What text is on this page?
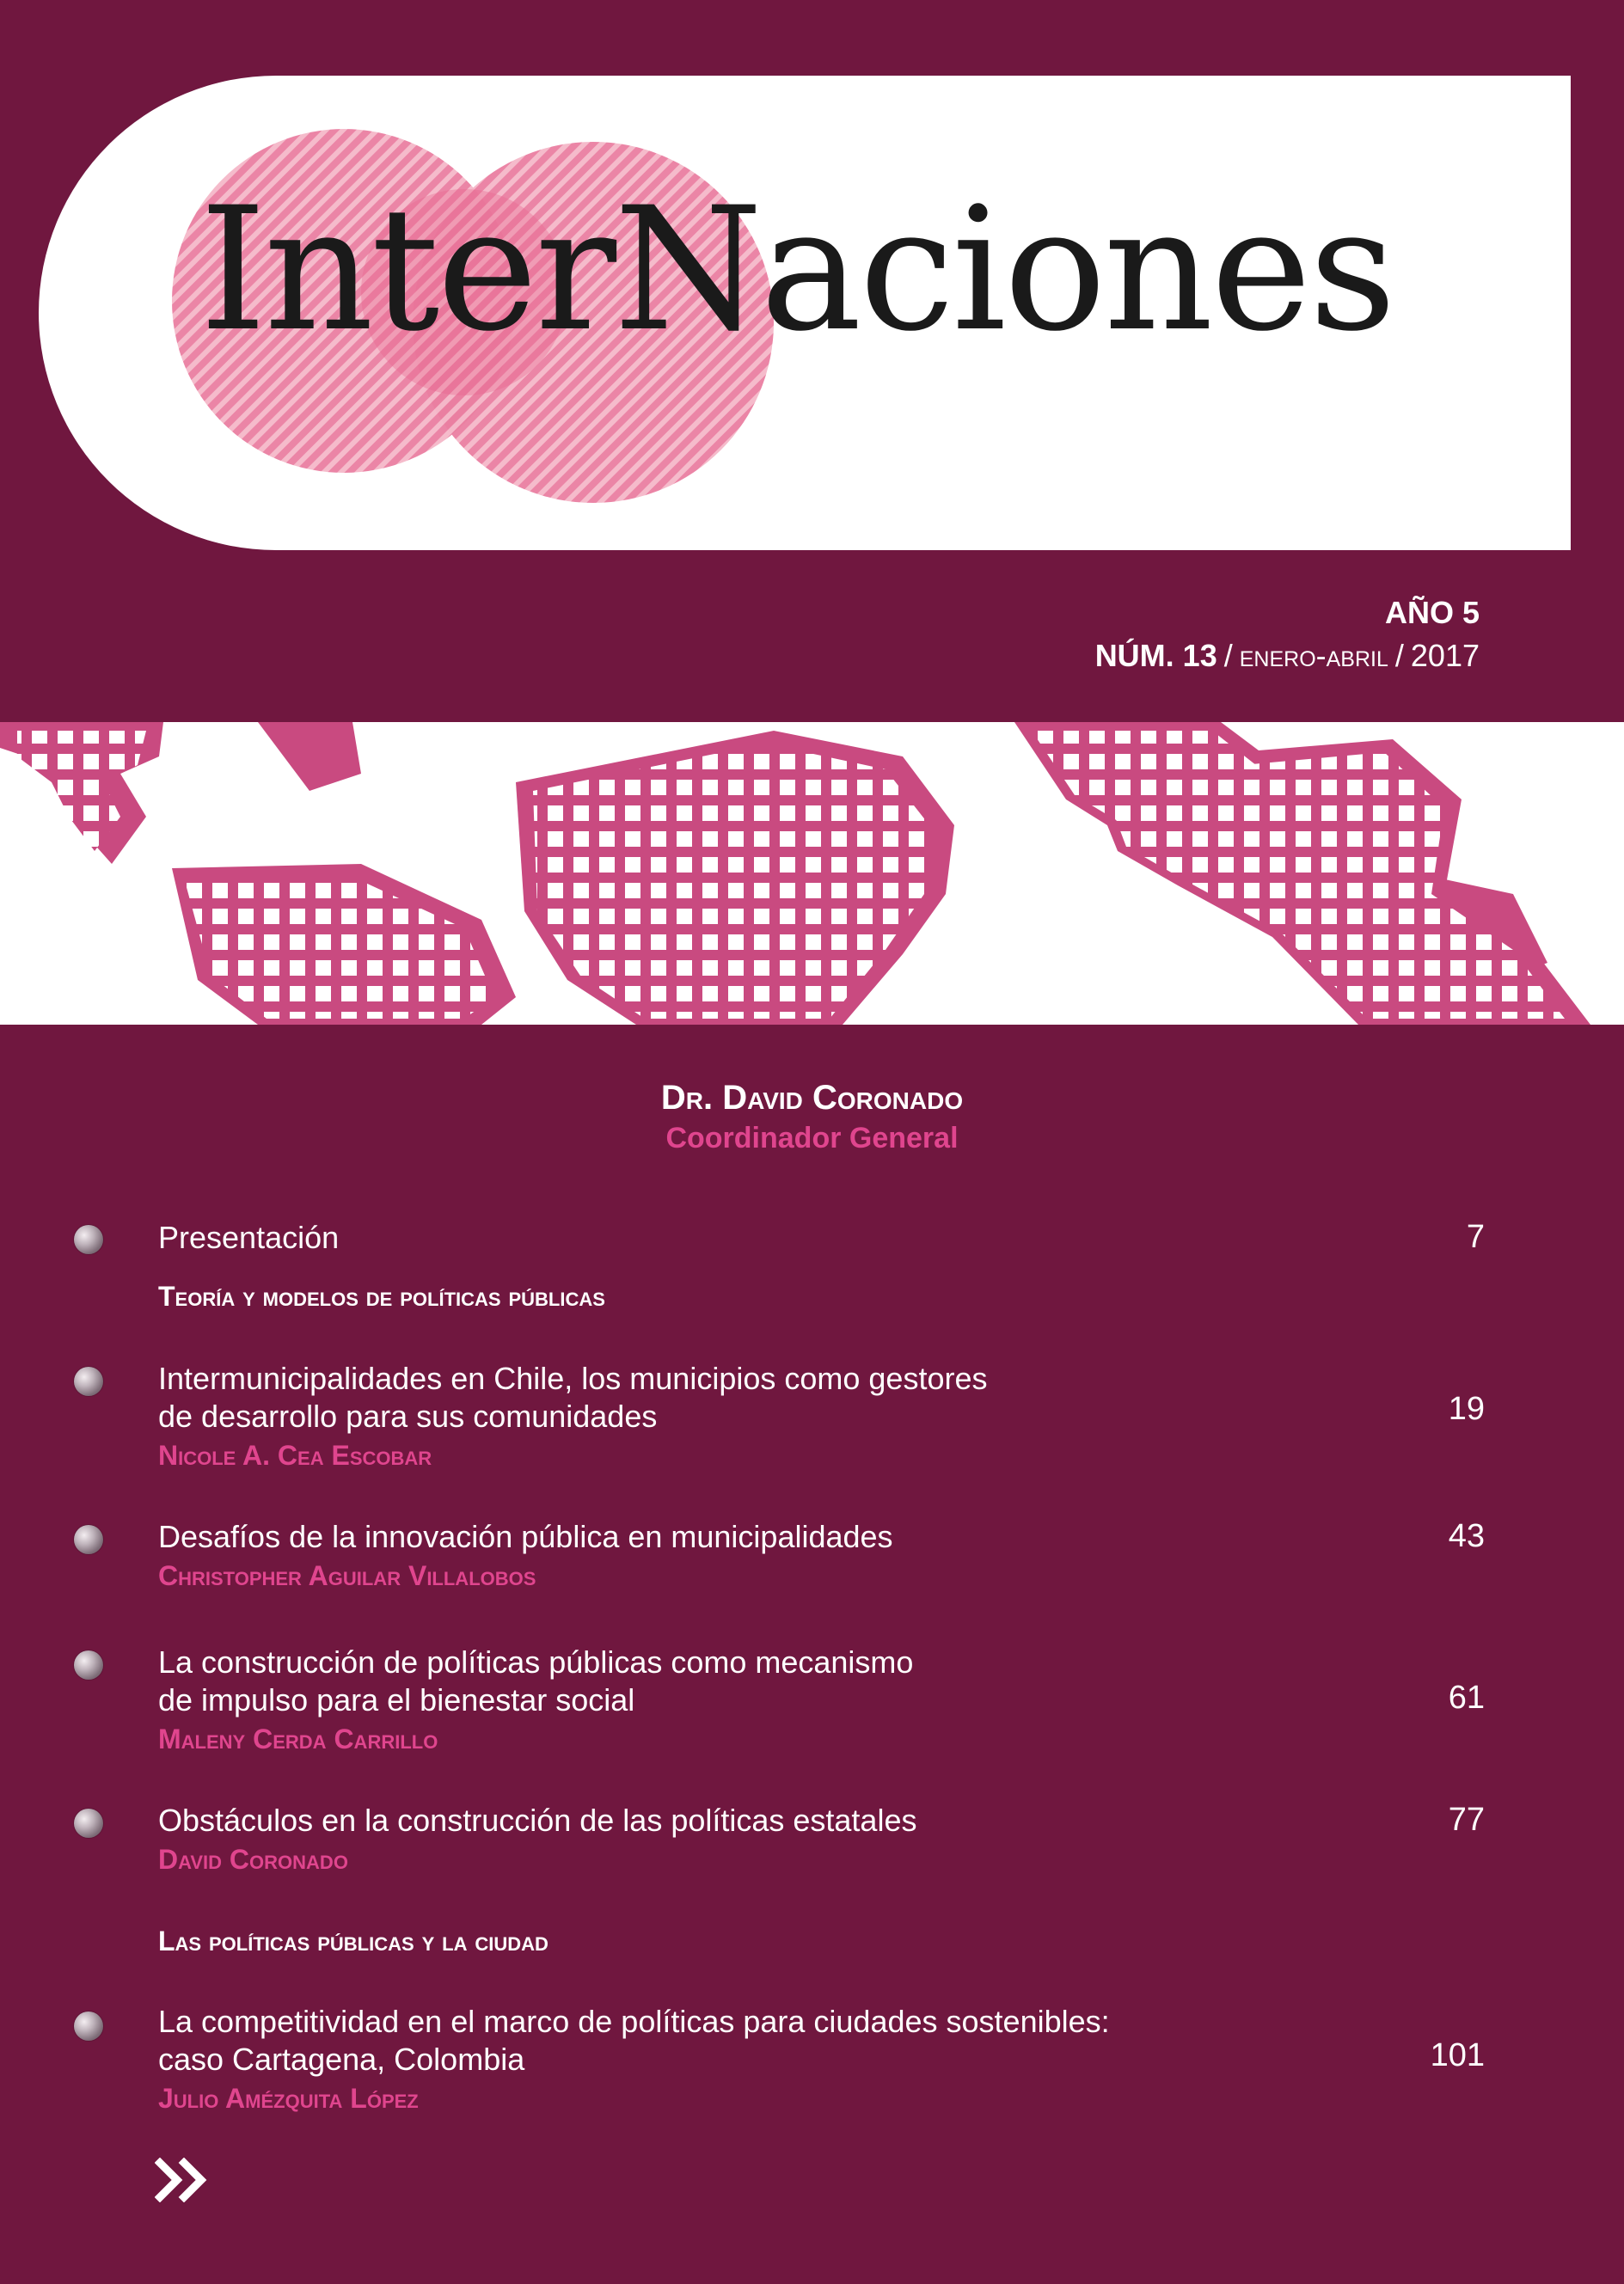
InterNaciones
AÑO 5
NÚM. 13 / enero-abril / 2017
Dr. David Coronado
Coordinador General
Presentación	7
Teoría y modelos de políticas públicas
Intermunicipalidades en Chile, los municipios como gestores
de desarrollo para sus comunidades
Nicole A. Cea Escobar
19
Desafíos de la innovación pública en municipalidades
Christopher Aguilar Villalobos
43
La construcción de políticas públicas como mecanismo
de impulso para el bienestar social
Maleny Cerda Carrillo
61
Obstáculos en la construcción de las políticas estatales
David Coronado
77
Las políticas públicas y la ciudad
La competitividad en el marco de políticas para ciudades sostenibles:
caso Cartagena, Colombia
Julio Amézquita López
101
